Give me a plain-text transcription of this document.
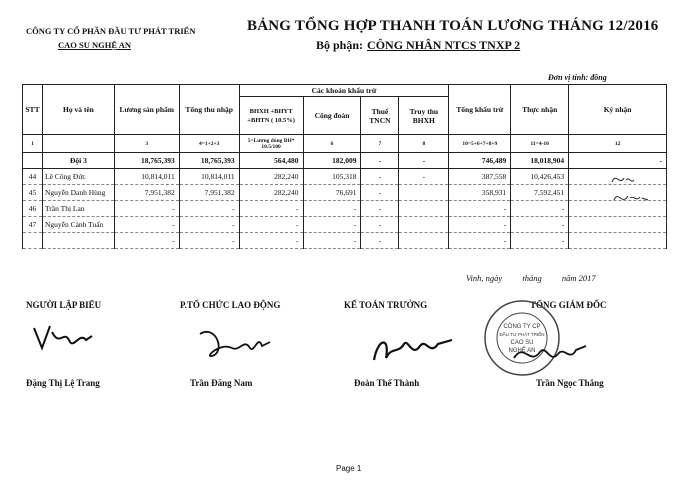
CÔNG TY CỔ PHẦN ĐẦU TƯ PHÁT TRIỂN
CAO SU NGHỆ AN
BẢNG TỔNG HỢP THANH TOÁN LƯƠNG THÁNG 12/2016
Bộ phận: CÔNG NHÂN NTCS TNXP 2
Đơn vị tính: đồng
STT	Họ và tên	Lương sản phẩm	Tổng thu nhập	Các khoản khấu trừ				Tổng khấu trừ	Thực nhận	Ký nhận
				BHXH +BHYT +BHTN ( 10.5%)	Công đoàn	Thuế TNCN	Truy thu BHXH			
1		3	4=1+2+3	5=Lương đóng BH* 10.5/100	6	7	8	10=5+6+7+8+9	11=4-10	12
	Đội 3	18,765,393	18,765,393	564,480	182,009	-	-	746,489	18,018,904	-
44	Lê Công Đức	10,814,011	10,814,011	282,240	105,318	-	-	387,558	10,426,453	
45	Nguyễn Danh Hùng	7,951,382	7,951,382	282,240	76,691	-		358,931	7,592,451	
46	Trần Thị Lan	-	-	-	-	-		-	-	
47	Nguyễn Cảnh Tuấn	-	-	-	-	-		-	-	
		-	-	-	-	-		-	-	
Vinh, ngày tháng năm 2017
NGƯỜI LẬP BIỂU	P.TỔ CHỨC LAO ĐỘNG	KẾ TOÁN TRƯỞNG	TỔNG GIÁM ĐỐC
CÔNG TY CP
ĐẦU TƯ PHÁT TRIỂN
CAO SU
NGHỆ AN
Đặng Thị Lệ Trang	Trần Đăng Nam	Đoàn Thế Thành	Trần Ngọc Thắng
Page 1
